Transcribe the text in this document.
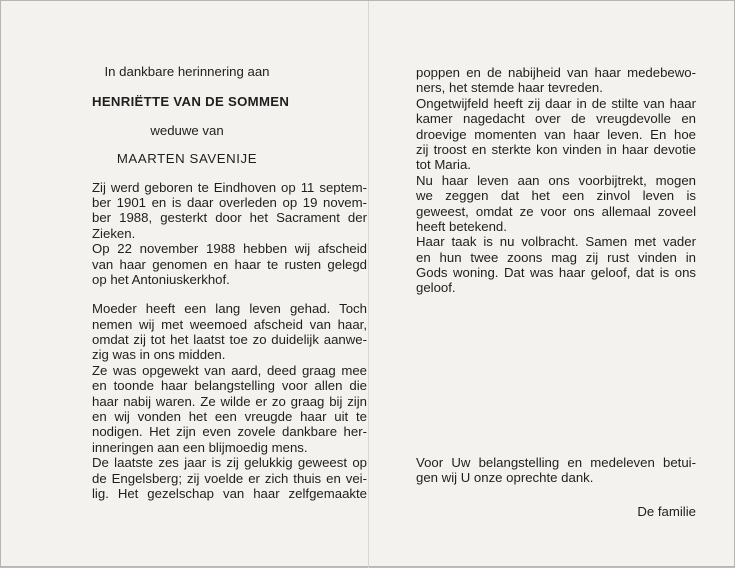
In dankbare herinnering aan
HENRIËTTE VAN DE SOMMEN
weduwe van
MAARTEN SAVENIJE
Zij werd geboren te Eindhoven op 11 septem-
ber 1901 en is daar overleden op 19 novem-
ber 1988, gesterkt door het Sacrament der
Zieken.
Op 22 november 1988 hebben wij afscheid
van haar genomen en haar te rusten gelegd
op het Antoniuskerkhof.
Moeder heeft een lang leven gehad. Toch
nemen wij met weemoed afscheid van haar,
omdat zij tot het laatst toe zo duidelijk aanwe-
zig was in ons midden.
Ze was opgewekt van aard, deed graag mee
en toonde haar belangstelling voor allen die
haar nabij waren. Ze wilde er zo graag bij zijn
en wij vonden het een vreugde haar uit te
nodigen. Het zijn even zovele dankbare her-
inneringen aan een blijmoedig mens.
De laatste zes jaar is zij gelukkig geweest op
de Engelsberg; zij voelde er zich thuis en vei-
lig. Het gezelschap van haar zelfgemaakte
poppen en de nabijheid van haar medebewo-
ners, het stemde haar tevreden.
Ongetwijfeld heeft zij daar in de stilte van haar
kamer nagedacht over de vreugdevolle en
droevige momenten van haar leven. En hoe
zij troost en sterkte kon vinden in haar devotie
tot Maria.
Nu haar leven aan ons voorbijtrekt, mogen
we zeggen dat het een zinvol leven is
geweest, omdat ze voor ons allemaal zoveel
heeft betekend.
Haar taak is nu volbracht. Samen met vader
en hun twee zoons mag zij rust vinden in
Gods woning. Dat was haar geloof, dat is ons
geloof.
Voor Uw belangstelling en medeleven betui-
gen wij U onze oprechte dank.
De familie
